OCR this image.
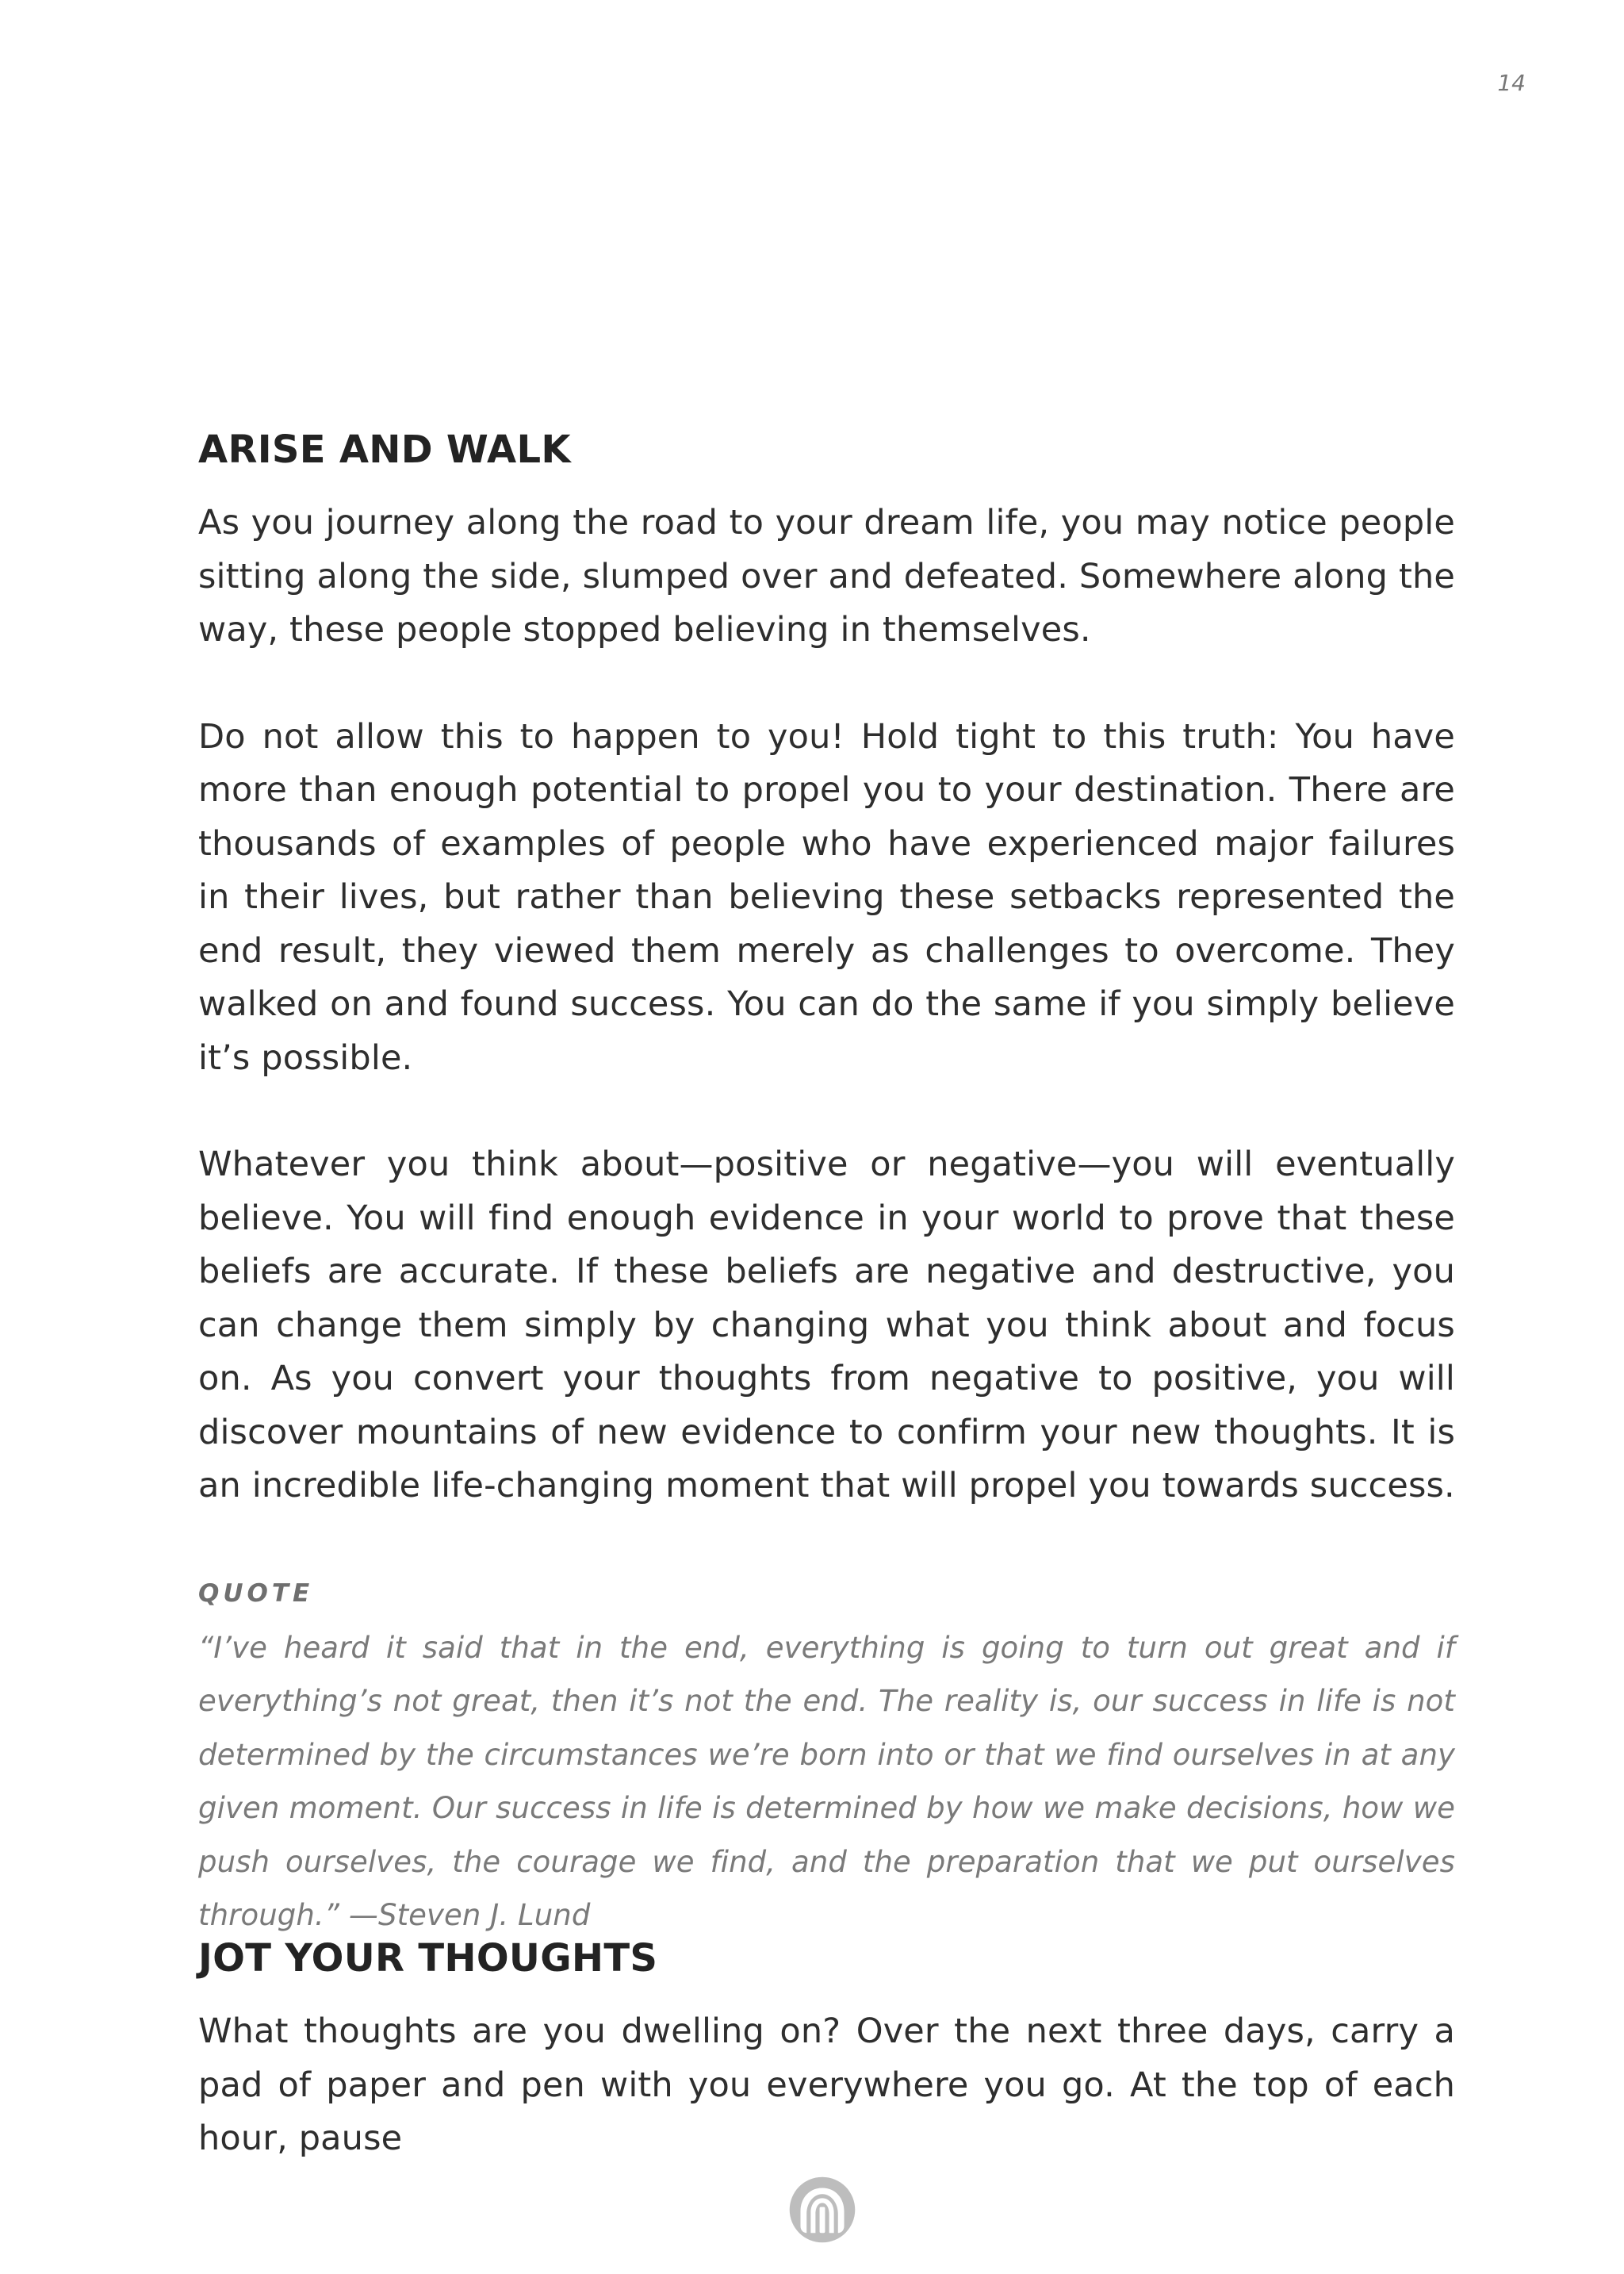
14
ARISE AND WALK

As you journey along the road to your dream life, you may notice people sitting along the side, slumped over and defeated. Somewhere along the way, these people stopped believing in themselves.

Do not allow this to happen to you! Hold tight to this truth: You have more than enough potential to propel you to your destination. There are thousands of examples of people who have experienced major failures in their lives, but rather than believing these setbacks represented the end result, they viewed them merely as challenges to overcome. They walked on and found success. You can do the same if you simply believe it’s possible.

Whatever you think about—positive or negative—you will eventually believe. You will find enough evidence in your world to prove that these beliefs are accurate. If these beliefs are negative and destructive, you can change them simply by changing what you think about and focus on. As you convert your thoughts from negative to positive, you will discover mountains of new evidence to confirm your new thoughts. It is an incredible life-changing moment that will propel you towards success.

QUOTE

“I’ve heard it said that in the end, everything is going to turn out great and if everything’s not great, then it’s not the end. The reality is, our success in life is not determined by the circumstances we’re born into or that we find ourselves in at any given moment. Our success in life is determined by how we make decisions, how we push ourselves, the courage we find, and the preparation that we put ourselves through.” —Steven J. Lund

JOT YOUR THOUGHTS

What thoughts are you dwelling on? Over the next three days, carry a pad of paper and pen with you everywhere you go. At the top of each hour, pause
